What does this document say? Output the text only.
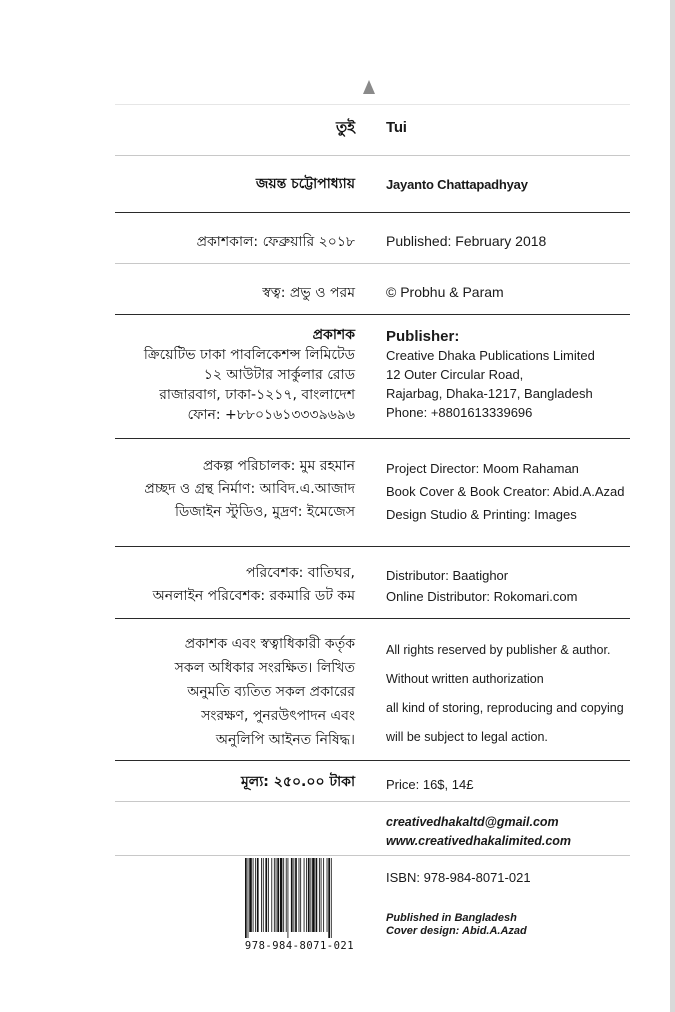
তুই Tui
জয়ন্ত চট্টোপাধ্যায় Jayanto Chattapadhyay
প্রকাশকাল: ফেব্রুয়ারি ২০১৮ Published: February 2018
স্বত্ব: প্রভু ও পরম © Probhu & Param
প্রকাশক
ক্রিয়েটিভ ঢাকা পাবলিকেশন্স লিমিটেড
১২ আউটার সার্কুলার রোড
রাজারবাগ, ঢাকা-১২১৭, বাংলাদেশ
ফোন: +৮৮০১৬১৩৩৩৯৬৯৬
Publisher:
Creative Dhaka Publications Limited
12 Outer Circular Road,
Rajarbag, Dhaka-1217, Bangladesh
Phone: +8801613339696
প্রকল্প পরিচালক: মুম রহমান
প্রচ্ছদ ও গ্রন্থ নির্মাণ: আবিদ.এ.আজাদ
ডিজাইন স্টুডিও, মুদ্রণ: ইমেজেস
Project Director: Moom Rahaman
Book Cover & Book Creator: Abid.A.Azad
Design Studio & Printing: Images
পরিবেশক: বাতিঘর,
অনলাইন পরিবেশক: রকমারি ডট কম
Distributor: Baatighor
Online Distributor: Rokomari.com
প্রকাশক এবং স্বত্বাধিকারী কর্তৃক
সকল অধিকার সংরক্ষিত। লিখিত
অনুমতি ব্যতিত সকল প্রকারের
সংরক্ষণ, পুনরউৎপাদন এবং
অনুলিপি আইনত নিষিদ্ধ।
All rights reserved by publisher & author.
Without written authorization
all kind of storing, reproducing and copying
will be subject to legal action.
মূল্য: ২৫০.০০ টাকা Price: 16$, 14£
creativedhakaltd@gmail.com
www.creativedhakalimited.com
ISBN: 978-984-8071-021
978-984-8071-021
Published in Bangladesh
Cover design: Abid.A.Azad
